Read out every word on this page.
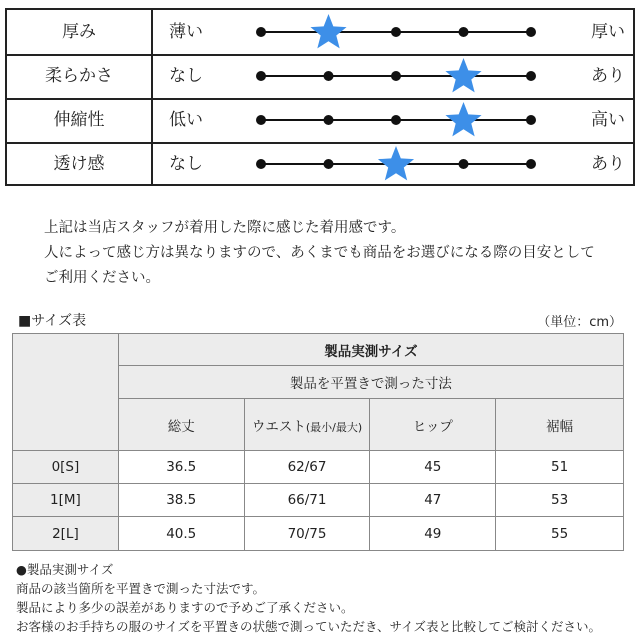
厚み	薄い	厚い
柔らかさ	なし	あり
伸縮性	低い	高い
透け感	なし	あり
上記は当店スタッフが着用した際に感じた着用感です。
人によって感じ方は異なりますので、あくまでも商品をお選びになる際の目安として
ご利用ください。
■サイズ表	（単位：cm）
	製品実測サイズ			
	製品を平置きで測った寸法			
	総丈	ウエスト(最小/最大)	ヒップ	裾幅
0[S]	36.5	62/67	45	51
1[M]	38.5	66/71	47	53
2[L]	40.5	70/75	49	55
●製品実測サイズ
商品の該当箇所を平置きで測った寸法です。
製品により多少の誤差がありますので予めご了承ください。
お客様のお手持ちの服のサイズを平置きの状態で測っていただき、サイズ表と比較してご検討ください。
